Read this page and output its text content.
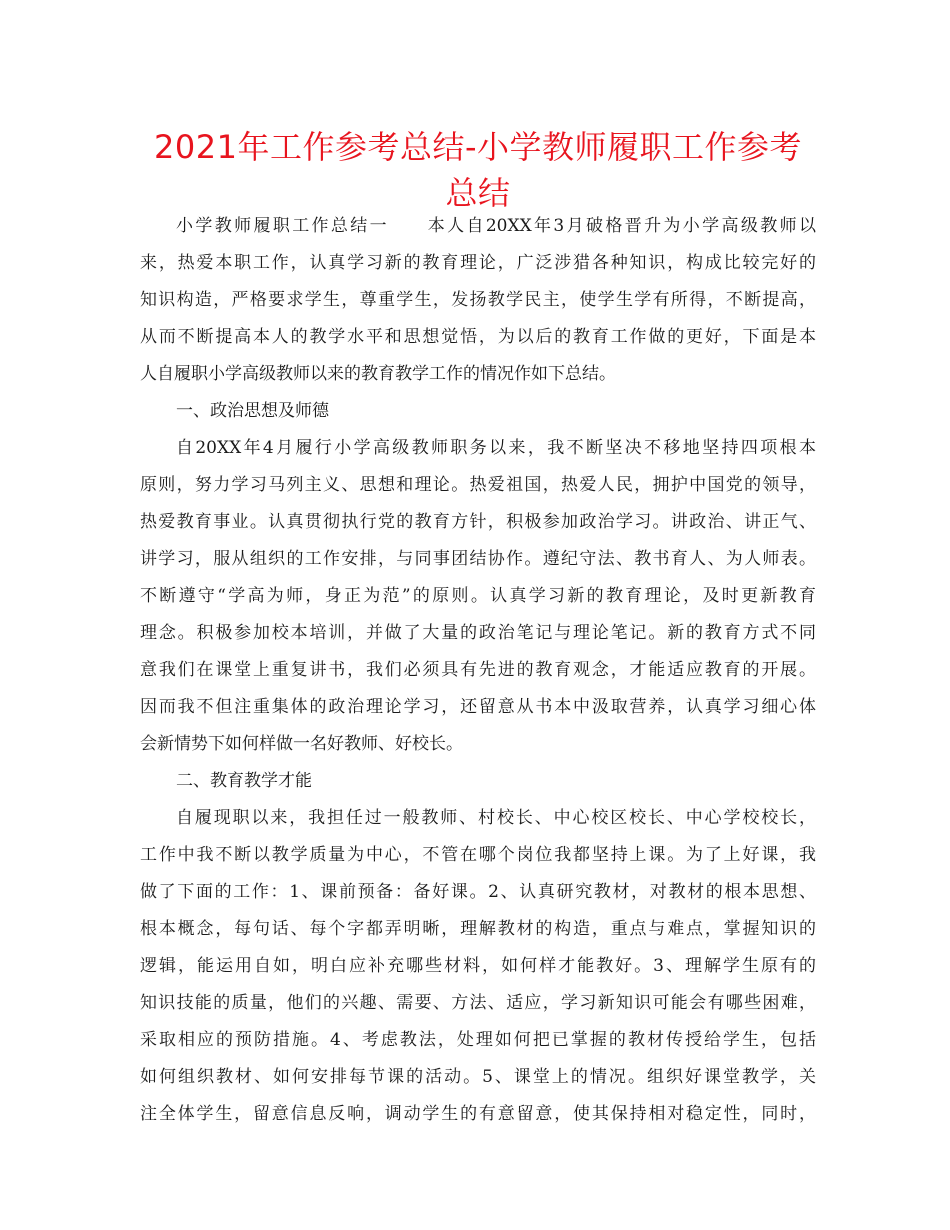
2021年工作参考总结-小学教师履职工作参考总结
小学教师履职工作总结一　　本人自20XX年3月破格晋升为小学高级教师以
来，热爱本职工作，认真学习新的教育理论，广泛涉猎各种知识，构成比较完好的
知识构造，严格要求学生，尊重学生，发扬教学民主，使学生学有所得，不断提高，
从而不断提高本人的教学水平和思想觉悟，为以后的教育工作做的更好，下面是本
人自履职小学高级教师以来的教育教学工作的情况作如下总结。
一、政治思想及师德
自20XX年4月履行小学高级教师职务以来，我不断坚决不移地坚持四项根本
原则，努力学习马列主义、思想和理论。热爱祖国，热爱人民，拥护中国党的领导，
热爱教育事业。认真贯彻执行党的教育方针，积极参加政治学习。讲政治、讲正气、
讲学习，服从组织的工作安排，与同事团结协作。遵纪守法、教书育人、为人师表。
不断遵守“学高为师，身正为范”的原则。认真学习新的教育理论，及时更新教育
理念。积极参加校本培训，并做了大量的政治笔记与理论笔记。新的教育方式不同
意我们在课堂上重复讲书，我们必须具有先进的教育观念，才能适应教育的开展。
因而我不但注重集体的政治理论学习，还留意从书本中汲取营养，认真学习细心体
会新情势下如何样做一名好教师、好校长。
二、教育教学才能
自履现职以来，我担任过一般教师、村校长、中心校区校长、中心学校校长，
工作中我不断以教学质量为中心，不管在哪个岗位我都坚持上课。为了上好课，我
做了下面的工作：1、课前预备：备好课。2、认真研究教材，对教材的根本思想、
根本概念，每句话、每个字都弄明晰，理解教材的构造，重点与难点，掌握知识的
逻辑，能运用自如，明白应补充哪些材料，如何样才能教好。3、理解学生原有的
知识技能的质量，他们的兴趣、需要、方法、适应，学习新知识可能会有哪些困难，
采取相应的预防措施。4、考虑教法，处理如何把已掌握的教材传授给学生，包括
如何组织教材、如何安排每节课的活动。5、课堂上的情况。组织好课堂教学，关
注全体学生，留意信息反响，调动学生的有意留意，使其保持相对稳定性，同时，
